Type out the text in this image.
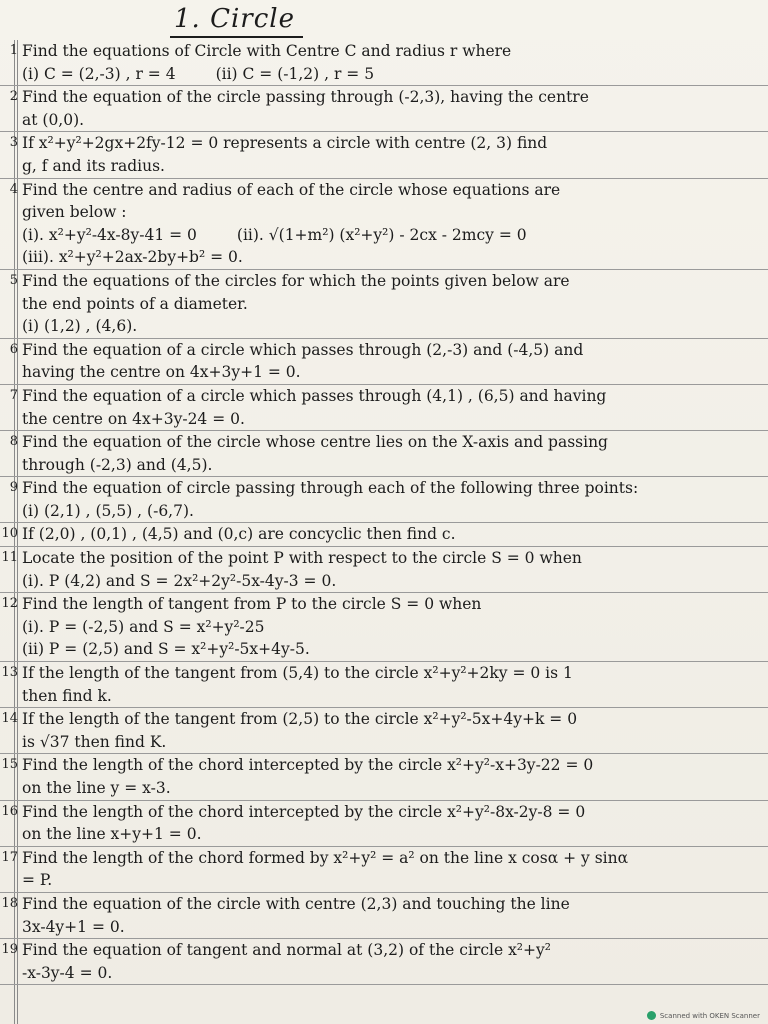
1. Circle
1 Find the equations of Circle with Centre C and radius r where
(i) C = (2,-3) , r = 4	(ii) C = (-1,2) , r = 5
2 Find the equation of the circle passing through (-2,3), having the centre
at (0,0).
3 If x²+y²+2gx+2fy-12 = 0 represents a circle with centre (2, 3) find
g, f and its radius.
4 Find the centre and radius of each of the circle whose equations are
given below :
(i). x²+y²-4x-8y-41 = 0	(ii). √(1+m²) (x²+y²) - 2cx - 2mcy = 0
(iii). x²+y²+2ax-2by+b² = 0.
5 Find the equations of the circles for which the points given below are
the end points of a diameter.
(i) (1,2) , (4,6).
6 Find the equation of a circle which passes through (2,-3) and (-4,5) and
having the centre on 4x+3y+1 = 0.
7 Find the equation of a circle which passes through (4,1) , (6,5) and having
the centre on 4x+3y-24 = 0.
8 Find the equation of the circle whose centre lies on the X-axis and passing
through (-2,3) and (4,5).
9 Find the equation of circle passing through each of the following three points:
(i) (2,1) , (5,5) , (-6,7).
10 If (2,0) , (0,1) , (4,5) and (0,c) are concyclic then find c.
11 Locate the position of the point P with respect to the circle S = 0 when
(i). P (4,2) and S = 2x²+2y²-5x-4y-3 = 0.
12 Find the length of tangent from P to the circle S = 0 when
(i). P = (-2,5) and S = x²+y²-25
(ii) P = (2,5) and S = x²+y²-5x+4y-5.
13 If the length of the tangent from (5,4) to the circle x²+y²+2ky = 0 is 1
then find k.
14 If the length of the tangent from (2,5) to the circle x²+y²-5x+4y+k = 0
is √37 then find K.
15 Find the length of the chord intercepted by the circle x²+y²-x+3y-22 = 0
on the line y = x-3.
16 Find the length of the chord intercepted by the circle x²+y²-8x-2y-8 = 0
on the line x+y+1 = 0.
17 Find the length of the chord formed by x²+y² = a² on the line x cosα + y sinα
= P.
18 Find the equation of the circle with centre (2,3) and touching the line
3x-4y+1 = 0.
19 Find the equation of tangent and normal at (3,2) of the circle x²+y²
-x-3y-4 = 0.
Scanned with OKEN Scanner
